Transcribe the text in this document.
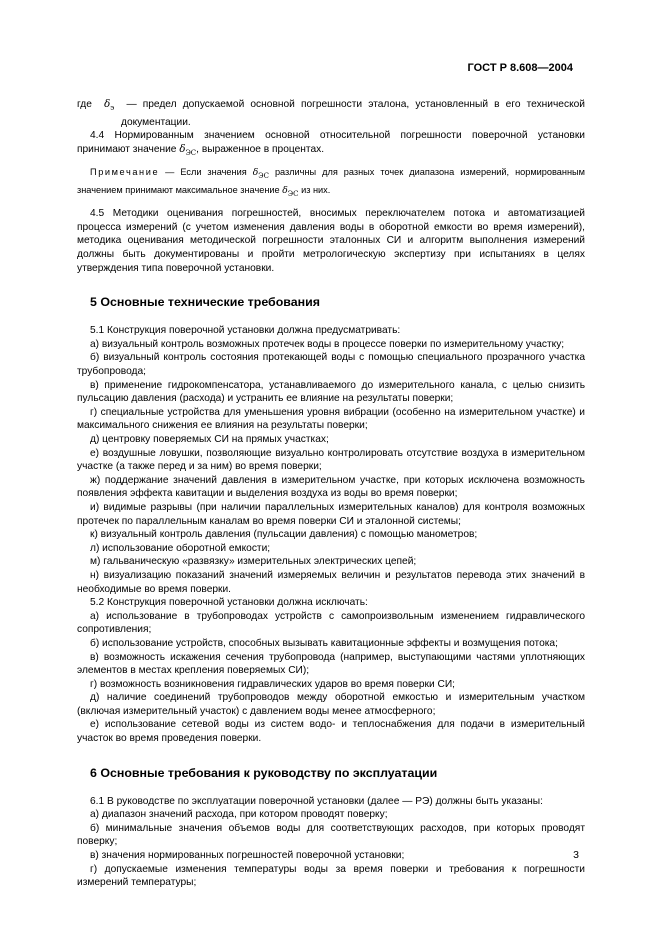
ГОСТ Р 8.608—2004

где $\delta_э$ — предел допускаемой основной погрешности эталона, установленный в его технической документации.

4.4 Нормированным значением основной относительной погрешности поверочной установки принимают значение $\delta_{ЭС}$, выраженное в процентах.

Примечание — Если значения $\delta_{ЭС}$ различны для разных точек диапазона измерений, нормированным значением принимают максимальное значение $\delta_{ЭС}$ из них.

4.5 Методики оценивания погрешностей, вносимых переключателем потока и автоматизацией процесса измерений (с учетом изменения давления воды в оборотной емкости во время измерений), методика оценивания методической погрешности эталонных СИ и алгоритм выполнения измерений должны быть документированы и пройти метрологическую экспертизу при испытаниях в целях утверждения типа поверочной установки.

5 Основные технические требования

5.1 Конструкция поверочной установки должна предусматривать:

а) визуальный контроль возможных протечек воды в процессе поверки по измерительному участку;

б) визуальный контроль состояния протекающей воды с помощью специального прозрачного участка трубопровода;

в) применение гидрокомпенсатора, устанавливаемого до измерительного канала, с целью снизить пульсацию давления (расхода) и устранить ее влияние на результаты поверки;

г) специальные устройства для уменьшения уровня вибрации (особенно на измерительном участке) и максимального снижения ее влияния на результаты поверки;

д) центровку поверяемых СИ на прямых участках;

е) воздушные ловушки, позволяющие визуально контролировать отсутствие воздуха в измерительном участке (а также перед и за ним) во время поверки;

ж) поддержание значений давления в измерительном участке, при которых исключена возможность появления эффекта кавитации и выделения воздуха из воды во время поверки;

и) видимые разрывы (при наличии параллельных измерительных каналов) для контроля возможных протечек по параллельным каналам во время поверки СИ и эталонной системы;

к) визуальный контроль давления (пульсации давления) с помощью манометров;

л) использование оборотной емкости;

м) гальваническую «развязку» измерительных электрических цепей;

н) визуализацию показаний значений измеряемых величин и результатов перевода этих значений в необходимые во время поверки.

5.2 Конструкция поверочной установки должна исключать:

а) использование в трубопроводах устройств с самопроизвольным изменением гидравлического сопротивления;

б) использование устройств, способных вызывать кавитационные эффекты и возмущения потока;

в) возможность искажения сечения трубопровода (например, выступающими частями уплотняющих элементов в местах крепления поверяемых СИ);

г) возможность возникновения гидравлических ударов во время поверки СИ;

д) наличие соединений трубопроводов между оборотной емкостью и измерительным участком (включая измерительный участок) с давлением воды менее атмосферного;

е) использование сетевой воды из систем водо- и теплоснабжения для подачи в измерительный участок во время проведения поверки.

6 Основные требования к руководству по эксплуатации

6.1 В руководстве по эксплуатации поверочной установки (далее — РЭ) должны быть указаны:

а) диапазон значений расхода, при котором проводят поверку;

б) минимальные значения объемов воды для соответствующих расходов, при которых проводят поверку;

в) значения нормированных погрешностей поверочной установки;

г) допускаемые изменения температуры воды за время поверки и требования к погрешности измерений температуры;

3
